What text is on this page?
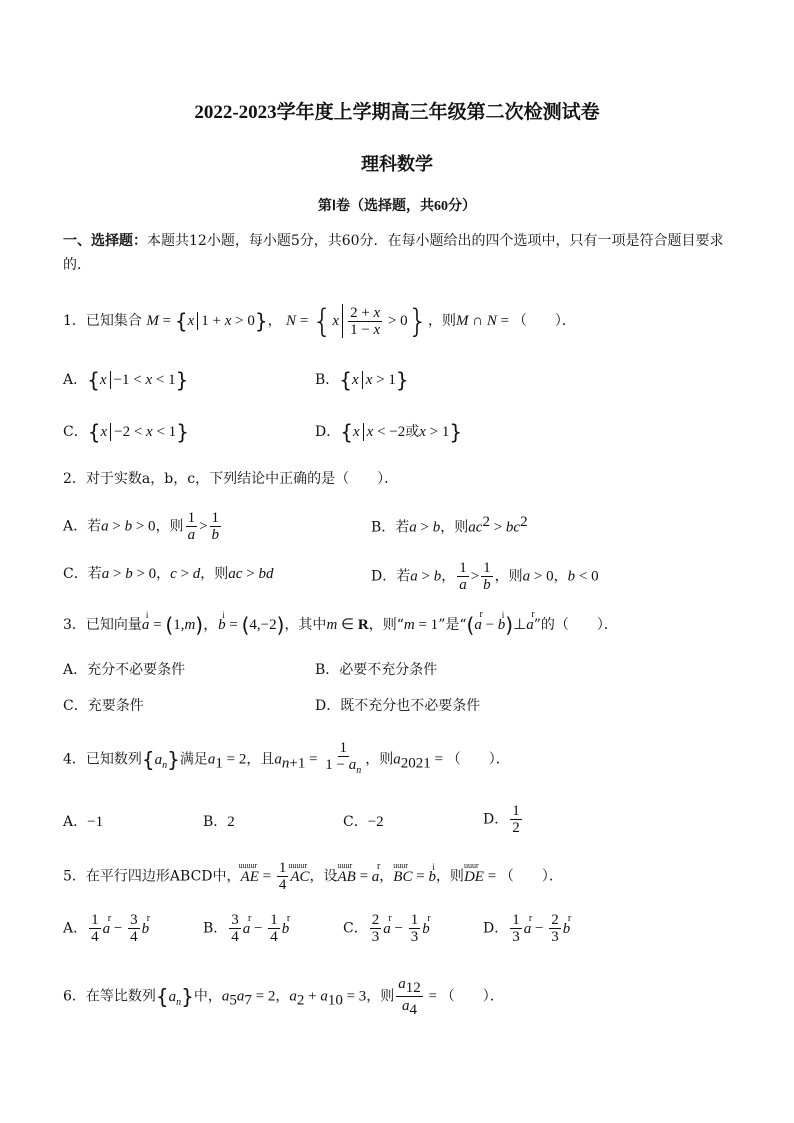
2022-2023学年度上学期高三年级第二次检测试卷
理科数学
第Ⅰ卷（选择题，共60分）
一、选择题：本题共12小题，每小题5分，共60分．在每小题给出的四个选项中，只有一项是符合题目要求的．
1．已知集合 M = {x 1 + x > 0}， $N = \{x \frac{2 + x}{1 - x} > 0\}$，则M ∩ N = （　　）．
A．{x −1 < x < 1}	B．{x x > 1}
C．{x −2 < x < 1}	D．{x x < −2或x > 1}
2．对于实数a，b，c，下列结论中正确的是（　　）．
A．若a > b > 0，则 $\frac{1}{a} > \frac{1}{b}$	B．若a > b，则$ac^2 > bc^2$
C．若a > b > 0，c > d，则ac > bd	D．若a > b， $\frac{1}{a} > \frac{1}{b}$ ，则a > 0，b < 0
3．已知向量i a = (1,m)，i b = (4,−2)，其中m ∈ R，则“m = 1”是“(r a − i b)⊥r a”的（　　）．
A．充分不必要条件	B．必要不充分条件
C．充要条件	D．既不充分也不必要条件
4．已知数列$\{a_n\}$满足$a_1 = 2$，且$a_{n+1} = \frac{1}{1 - a_n}$ ，则$a_{2021}$ = （　　）．
A．−1	B．2	C．−2	D． $\frac{1}{2}$
5．在平行四边形ABCD中，uuuur AE = $\frac{1}{4}$ uuuur AC，设uuur AB = r a，uuur BC = i b，则uuur DE = （　　）．
A． $\frac{1}{4}$ r $a - \frac{3}{4}$ r b	B． $\frac{3}{4}$ r $a - \frac{1}{4}$ r b	C． $\frac{2}{3}$ r $a - \frac{1}{3}$ r b	D． $\frac{1}{3}$ r $a - \frac{2}{3}$ r b
6．在等比数列$\{a_n\}$中，$a_5a_7 = 2$，$a_2 + a_{10} = 3$，则 $\frac{a_{12}}{a_4}$ = （　　）．
